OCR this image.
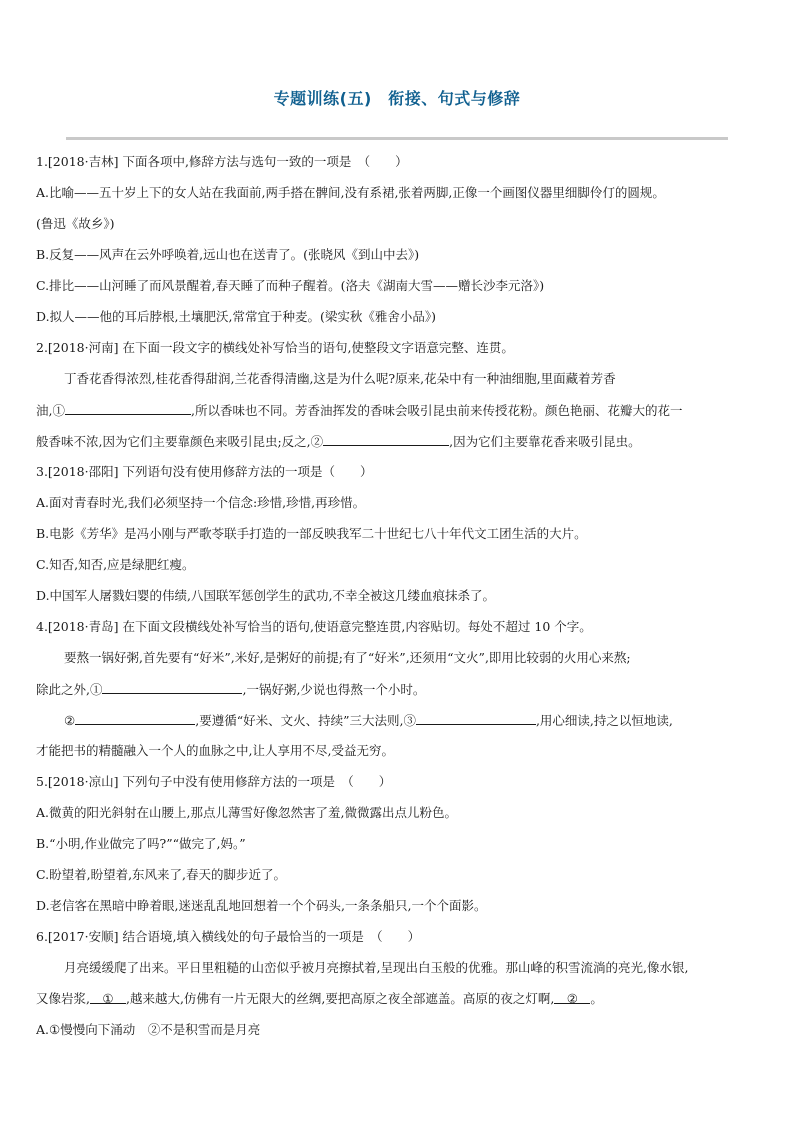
专题训练(五)　衔接、句式与修辞
1.[2018·吉林] 下面各项中,修辞方法与选句一致的一项是　（　　）
A.比喻——五十岁上下的女人站在我面前,两手搭在髀间,没有系裙,张着两脚,正像一个画图仪器里细脚伶仃的圆规。
(鲁迅《故乡》)
B.反复——风声在云外呼唤着,远山也在送青了。(张晓风《到山中去》)
C.排比——山河睡了而风景醒着,春天睡了而种子醒着。(洛夫《湖南大雪——赠长沙李元洛》)
D.拟人——他的耳后脖根,土壤肥沃,常常宜于种麦。(梁实秋《雅舍小品》)
2.[2018·河南] 在下面一段文字的横线处补写恰当的语句,使整段文字语意完整、连贯。
丁香花香得浓烈,桂花香得甜润,兰花香得清幽,这是为什么呢?原来,花朵中有一种油细胞,里面藏着芳香
油,①	,所以香味也不同。芳香油挥发的香味会吸引昆虫前来传授花粉。颜色艳丽、花瓣大的花一
般香味不浓,因为它们主要靠颜色来吸引昆虫;反之,②	,因为它们主要靠花香来吸引昆虫。
3.[2018·邵阳] 下列语句没有使用修辞方法的一项是（　　）
A.面对青春时光,我们必须坚持一个信念:珍惜,珍惜,再珍惜。
B.电影《芳华》是冯小刚与严歌苓联手打造的一部反映我军二十世纪七八十年代文工团生活的大片。
C.知否,知否,应是绿肥红瘦。
D.中国军人屠戮妇婴的伟绩,八国联军惩创学生的武功,不幸全被这几缕血痕抹杀了。
4.[2018·青岛] 在下面文段横线处补写恰当的语句,使语意完整连贯,内容贴切。每处不超过 10 个字。
要熬一锅好粥,首先要有“好米”,米好,是粥好的前提;有了“好米”,还须用“文火”,即用比较弱的火用心来熬;
除此之外,①	,一锅好粥,少说也得熬一个小时。
②	,要遵循“好米、文火、持续”三大法则,③	,用心细读,持之以恒地读,
才能把书的精髓融入一个人的血脉之中,让人享用不尽,受益无穷。
5.[2018·凉山] 下列句子中没有使用修辞方法的一项是　（　　）
A.微黄的阳光斜射在山腰上,那点儿薄雪好像忽然害了羞,微微露出点儿粉色。
B.“小明,作业做完了吗?”“做完了,妈。”
C.盼望着,盼望着,东风来了,春天的脚步近了。
D.老信客在黑暗中睁着眼,迷迷乱乱地回想着一个个码头,一条条船只,一个个面影。
6.[2017·安顺] 结合语境,填入横线处的句子最恰当的一项是　（　　）
月亮缓缓爬了出来。平日里粗糙的山峦似乎被月亮擦拭着,呈现出白玉般的优雅。那山峰的积雪流淌的亮光,像水银,
又像岩浆, ① ,越来越大,仿佛有一片无限大的丝绸,要把高原之夜全部遮盖。高原的夜之灯啊, ② 。
A.①慢慢向下涌动　②不是积雪而是月亮
